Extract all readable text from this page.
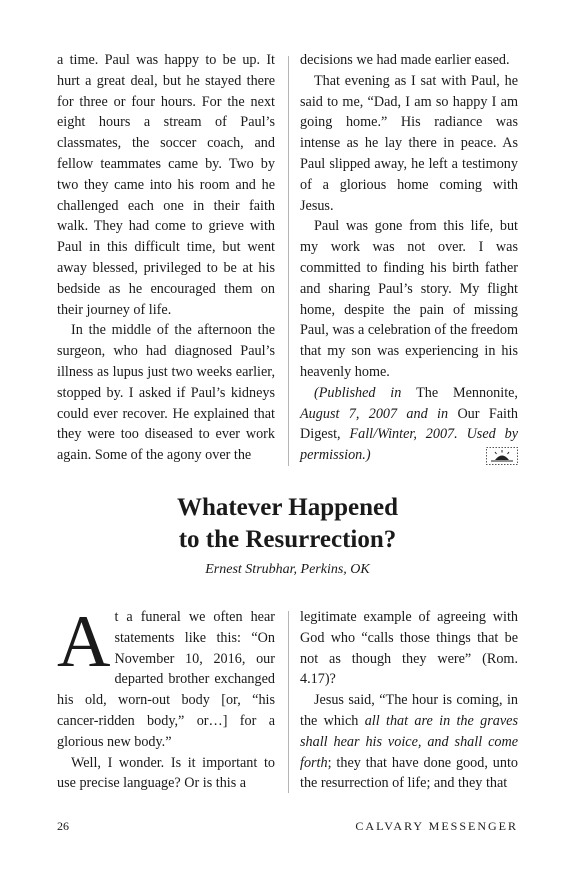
a time. Paul was happy to be up. It hurt a great deal, but he stayed there for three or four hours. For the next eight hours a stream of Paul’s classmates, the soccer coach, and fellow teammates came by. Two by two they came into his room and he challenged each one in their faith walk. They had come to grieve with Paul in this difficult time, but went away blessed, privileged to be at his bedside as he encouraged them on their journey of life.

In the middle of the afternoon the surgeon, who had diagnosed Paul’s illness as lupus just two weeks earlier, stopped by. I asked if Paul’s kidneys could ever recover. He explained that they were too diseased to ever work again. Some of the agony over the

decisions we had made earlier eased.

That evening as I sat with Paul, he said to me, “Dad, I am so happy I am going home.” His radiance was intense as he lay there in peace. As Paul slipped away, he left a testimony of a glorious home coming with Jesus.

Paul was gone from this life, but my work was not over. I was committed to finding his birth father and sharing Paul’s story. My flight home, despite the pain of missing Paul, was a celebration of the freedom that my son was experiencing in his heavenly home.

(Published in The Mennonite, August 7, 2007 and in Our Faith Digest, Fall/Winter, 2007. Used by permission.)

Whatever Happened
to the Resurrection?
Ernest Strubhar, Perkins, OK

At a funeral we often hear statements like this: “On November 10, 2016, our departed brother exchanged his old, worn-out body [or, “his cancer-ridden body,” or…] for a glorious new body.”

Well, I wonder. Is it important to use precise language? Or is this a

legitimate example of agreeing with God who “calls those things that be not as though they were” (Rom. 4.17)?

Jesus said, “The hour is coming, in the which all that are in the graves shall hear his voice, and shall come forth; they that have done good, unto the resurrection of life; and they that

26	CALVARY MESSENGER
